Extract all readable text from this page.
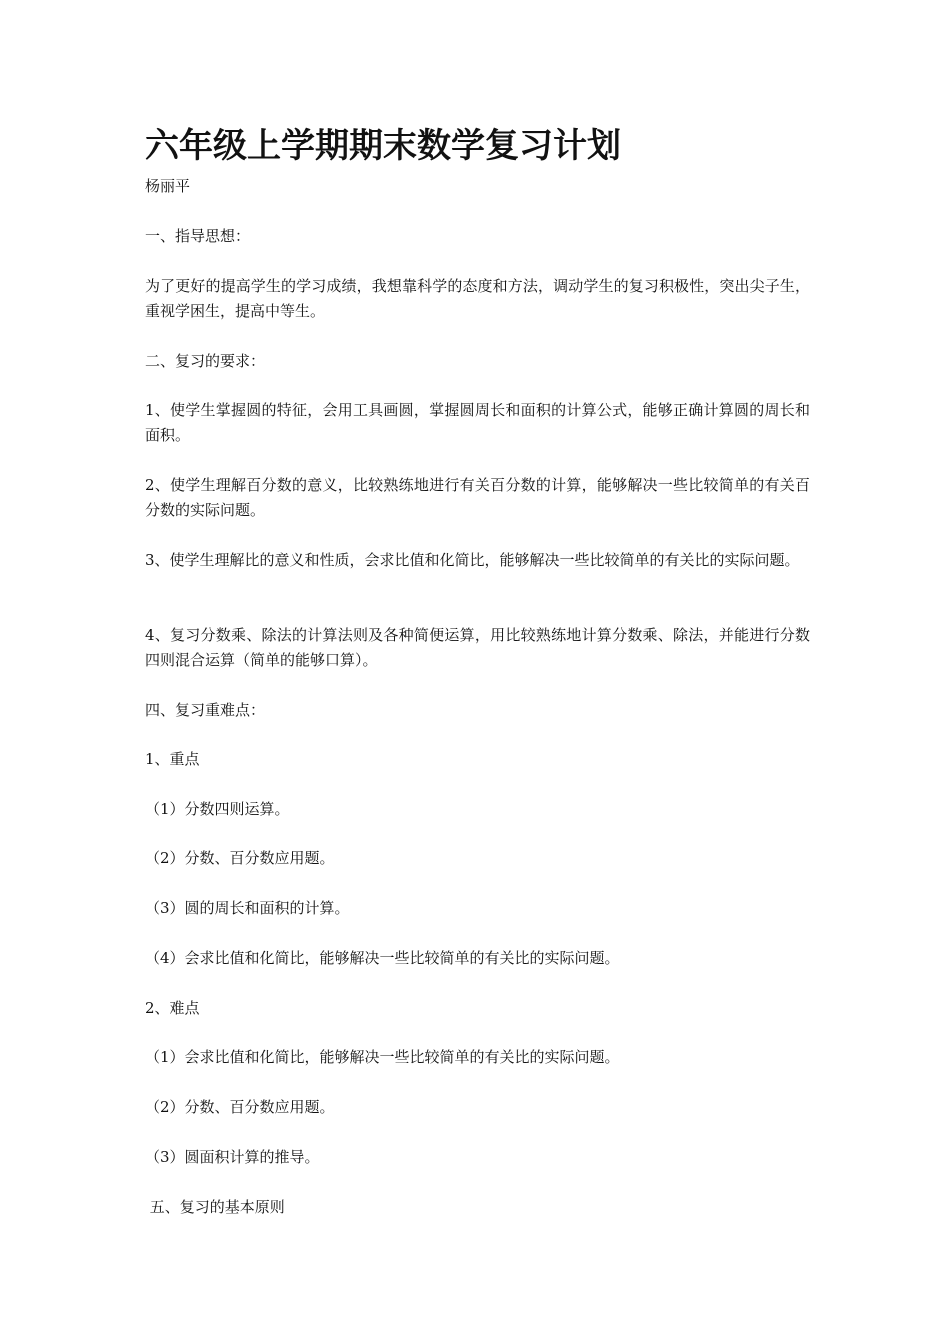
六年级上学期期末数学复习计划
杨丽平
一、指导思想：
为了更好的提高学生的学习成绩，我想靠科学的态度和方法，调动学生的复习积极性，突出尖子生，重视学困生，提高中等生。
二、复习的要求：
1、使学生掌握圆的特征，会用工具画圆，掌握圆周长和面积的计算公式，能够正确计算圆的周长和面积。
2、使学生理解百分数的意义，比较熟练地进行有关百分数的计算，能够解决一些比较简单的有关百分数的实际问题。
3、使学生理解比的意义和性质，会求比值和化简比，能够解决一些比较简单的有关比的实际问题。
4、复习分数乘、除法的计算法则及各种简便运算，用比较熟练地计算分数乘、除法，并能进行分数四则混合运算（简单的能够口算）。
四、复习重难点：
1、重点
（1）分数四则运算。
（2）分数、百分数应用题。
（3）圆的周长和面积的计算。
（4）会求比值和化简比，能够解决一些比较简单的有关比的实际问题。
2、难点
（1）会求比值和化简比，能够解决一些比较简单的有关比的实际问题。
（2）分数、百分数应用题。
（3）圆面积计算的推导。
五、复习的基本原则
